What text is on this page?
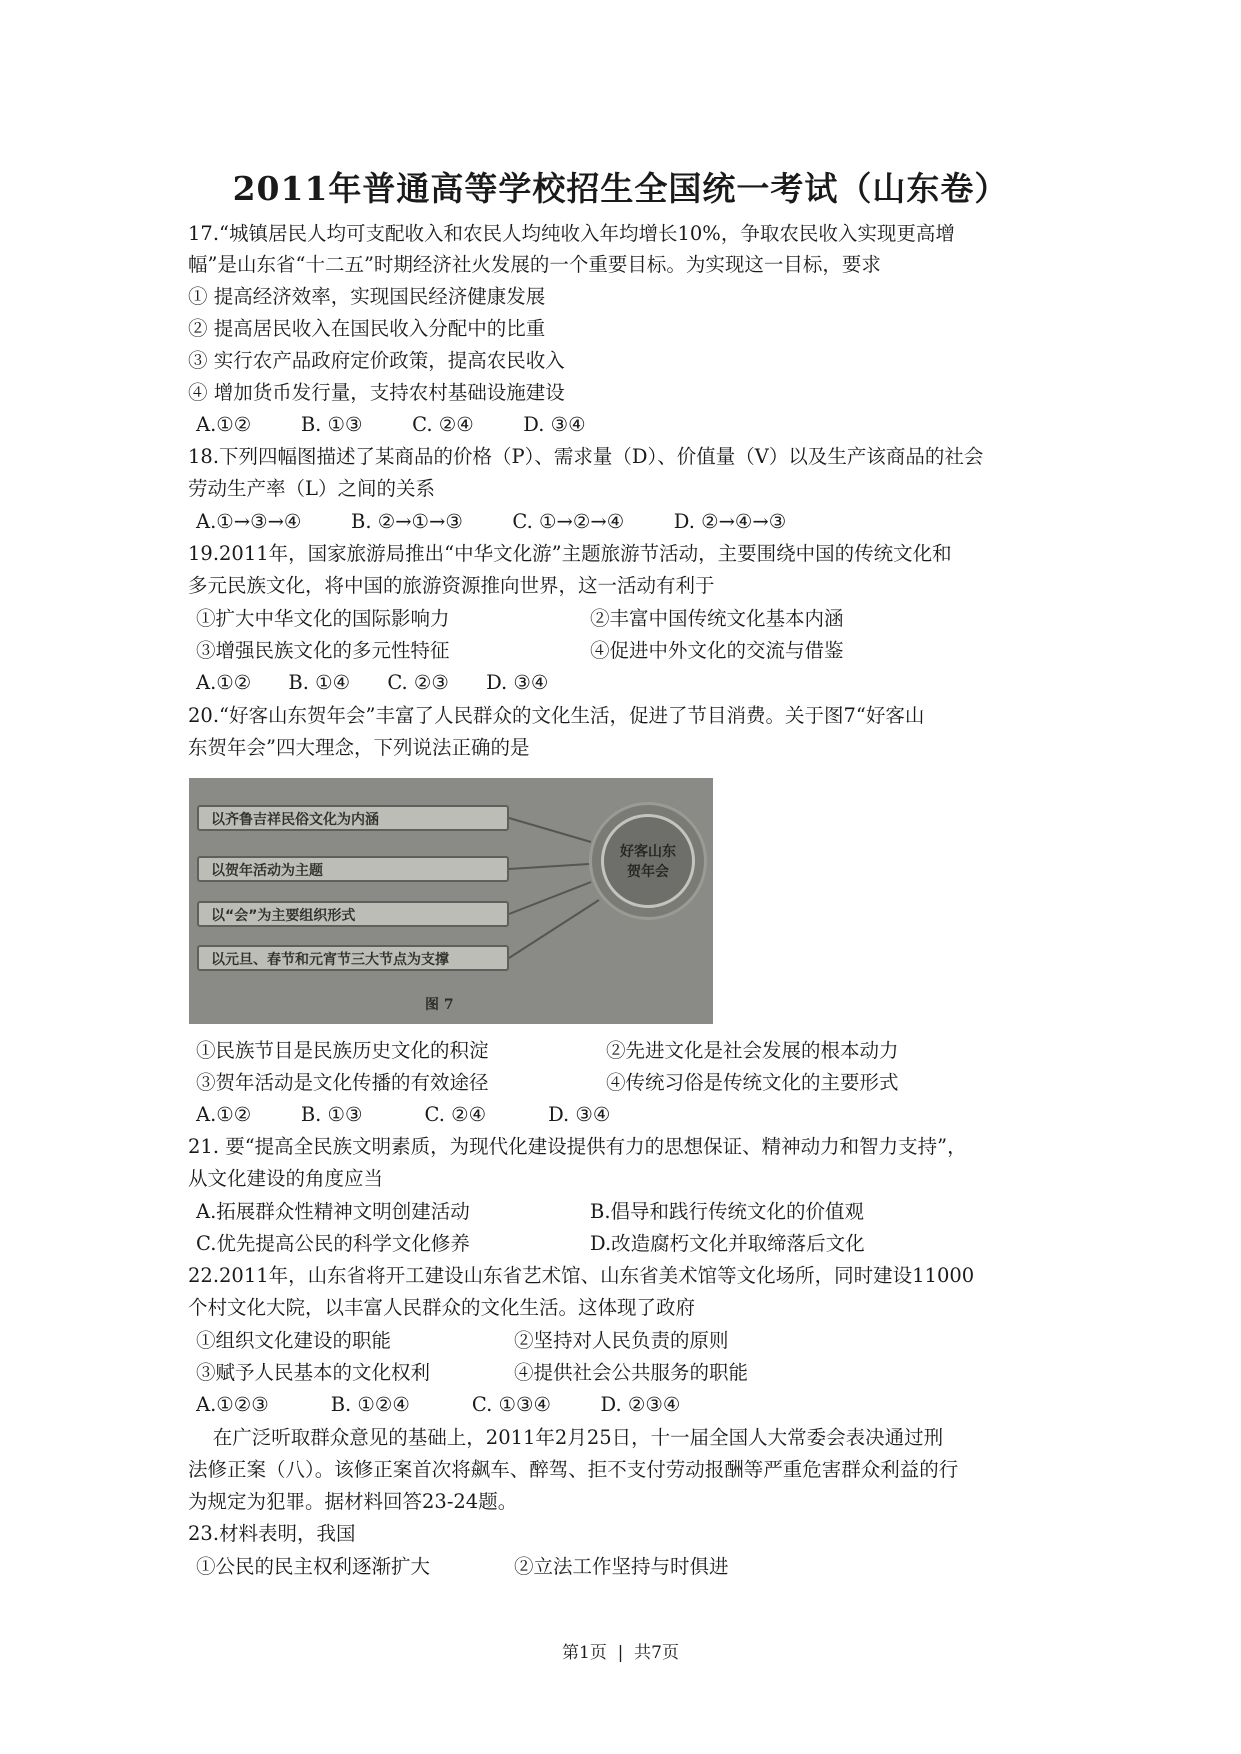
2011年普通高等学校招生全国统一考试（山东卷）
17.“城镇居民人均可支配收入和农民人均纯收入年均增长10%，争取农民收入实现更高增
幅”是山东省“十二五”时期经济社火发展的一个重要目标。为实现这一目标，要求
① 提高经济效率，实现国民经济健康发展
② 提高居民收入在国民收入分配中的比重
③ 实行农产品政府定价政策，提高农民收入
④ 增加货币发行量，支持农村基础设施建设
A.①②        B. ①③        C. ②④        D. ③④
18.下列四幅图描述了某商品的价格（P）、需求量（D）、价值量（V）以及生产该商品的社会
劳动生产率（L）之间的关系
A.①→③→④        B. ②→①→③        C. ①→②→④        D. ②→④→③
19.2011年，国家旅游局推出“中华文化游”主题旅游节活动，主要围绕中国的传统文化和
多元民族文化，将中国的旅游资源推向世界，这一活动有利于
①扩大中华文化的国际影响力	②丰富中国传统文化基本内涵
③增强民族文化的多元性特征	④促进中外文化的交流与借鉴
A.①②      B. ①④      C. ②③      D. ③④
20.“好客山东贺年会”丰富了人民群众的文化生活，促进了节目消费。关于图7“好客山
东贺年会”四大理念，下列说法正确的是
以齐鲁吉祥民俗文化为内涵
以贺年活动为主题
以“会”为主要组织形式
以元旦、春节和元宵节三大节点为支撑
好客山东
贺年会
图 7
①民族节目是民族历史文化的积淀	②先进文化是社会发展的根本动力
③贺年活动是文化传播的有效途径	④传统习俗是传统文化的主要形式
A.①②        B. ①③          C. ②④          D. ③④
21. 要“提高全民族文明素质，为现代化建设提供有力的思想保证、精神动力和智力支持”，
从文化建设的角度应当
A.拓展群众性精神文明创建活动	B.倡导和践行传统文化的价值观
C.优先提高公民的科学文化修养	D.改造腐朽文化并取缔落后文化
22.2011年，山东省将开工建设山东省艺术馆、山东省美术馆等文化场所，同时建设11000
个村文化大院，以丰富人民群众的文化生活。这体现了政府
①组织文化建设的职能	②坚持对人民负责的原则
③赋予人民基本的文化权利	④提供社会公共服务的职能
A.①②③          B. ①②④          C. ①③④        D. ②③④
在广泛听取群众意见的基础上，2011年2月25日，十一届全国人大常委会表决通过刑
法修正案（八）。该修正案首次将飙车、醉驾、拒不支付劳动报酬等严重危害群众利益的行
为规定为犯罪。据材料回答23-24题。
23.材料表明，我国
①公民的民主权利逐渐扩大	②立法工作坚持与时俱进
第1页  |  共7页
